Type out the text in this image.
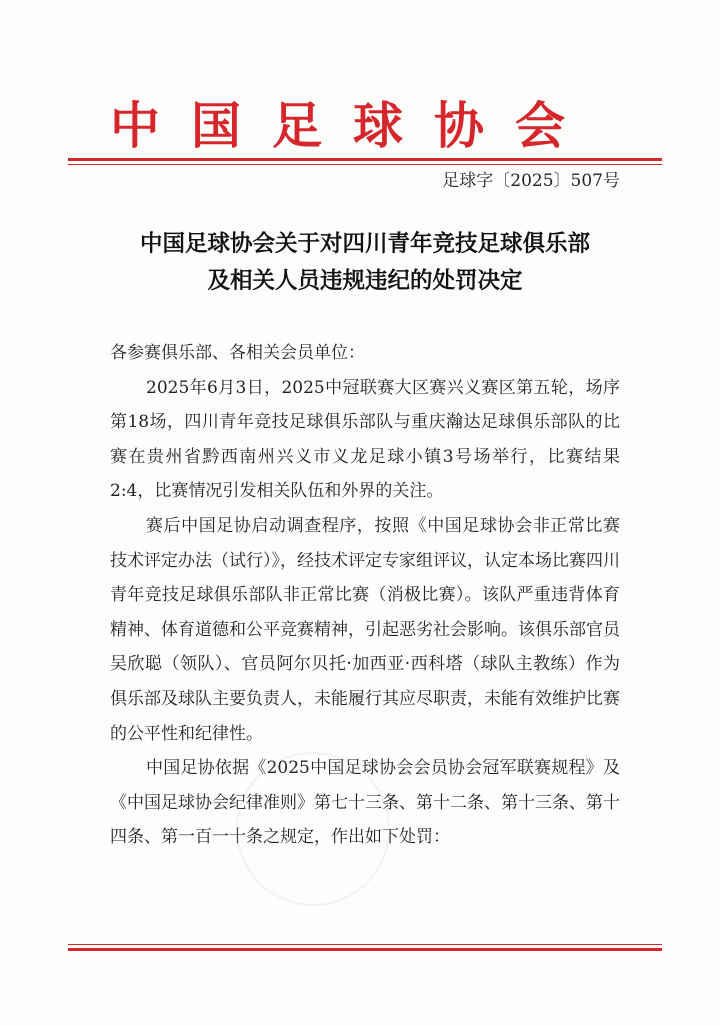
中国足球协会
足球字〔2025〕507号
中国足球协会关于对四川青年竞技足球俱乐部
及相关人员违规违纪的处罚决定

各参赛俱乐部、各相关会员单位：

2025年6月3日，2025中冠联赛大区赛兴义赛区第五轮，场序第18场，四川青年竞技足球俱乐部队与重庆瀚达足球俱乐部队的比赛在贵州省黔西南州兴义市义龙足球小镇3号场举行，比赛结果2:4，比赛情况引发相关队伍和外界的关注。

赛后中国足协启动调查程序，按照《中国足球协会非正常比赛技术评定办法（试行）》，经技术评定专家组评议，认定本场比赛四川青年竞技足球俱乐部队非正常比赛（消极比赛）。该队严重违背体育精神、体育道德和公平竞赛精神，引起恶劣社会影响。该俱乐部官员吴欣聪（领队）、官员阿尔贝托·加西亚·西科塔（球队主教练）作为俱乐部及球队主要负责人，未能履行其应尽职责，未能有效维护比赛的公平性和纪律性。

中国足协依据《2025中国足球协会会员协会冠军联赛规程》及《中国足球协会纪律准则》第七十三条、第十二条、第十三条、第十四条、第一百一十条之规定，作出如下处罚：
